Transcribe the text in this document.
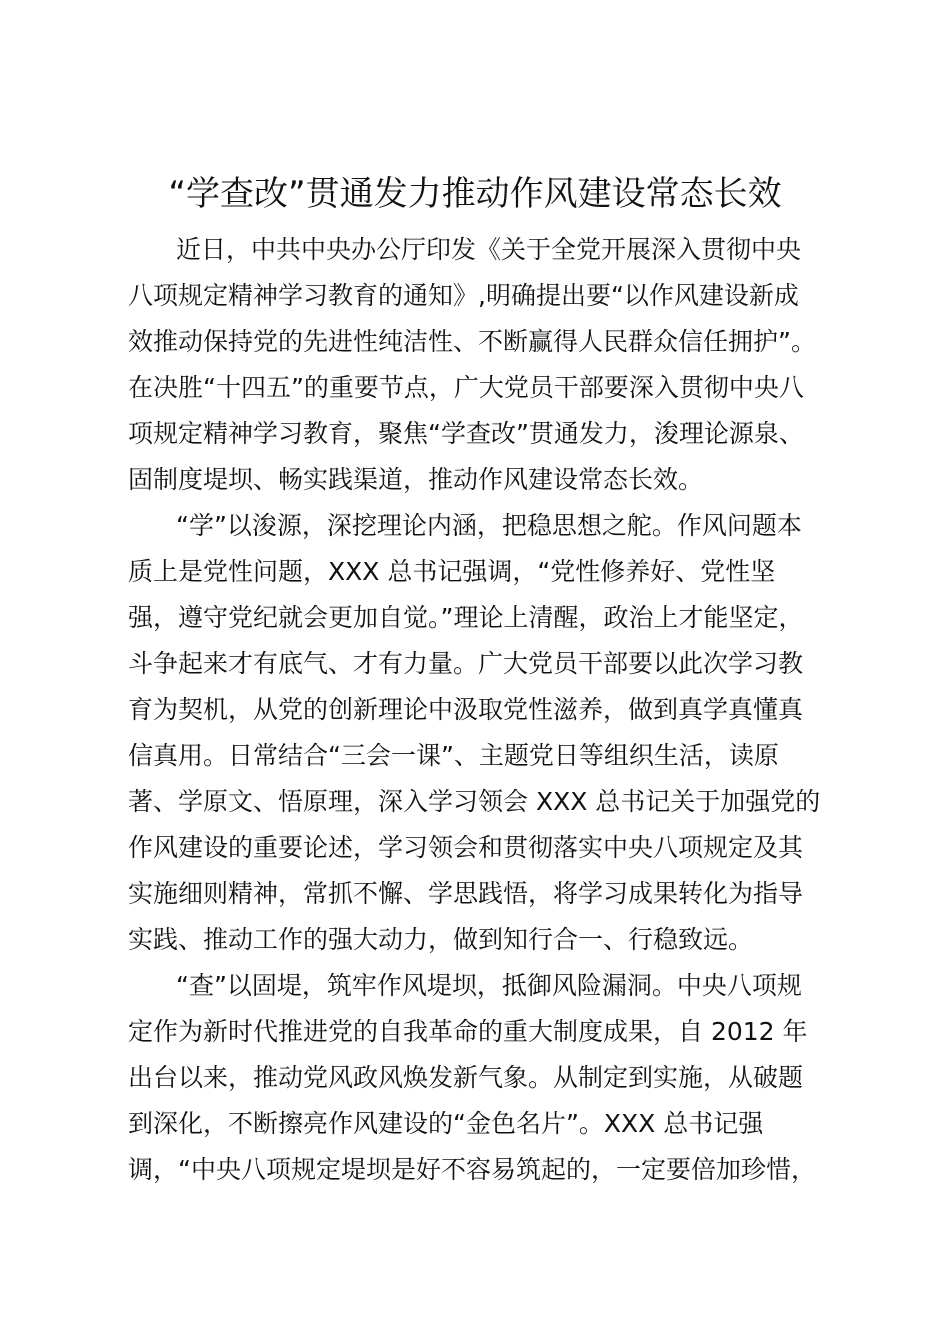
“学查改”贯通发力推动作风建设常态长效
近日，中共中央办公厅印发《关于全党开展深入贯彻中央
八项规定精神学习教育的通知》,明确提出要“以作风建设新成
效推动保持党的先进性纯洁性、不断赢得人民群众信任拥护”。
在决胜“十四五”的重要节点，广大党员干部要深入贯彻中央八
项规定精神学习教育，聚焦“学查改”贯通发力，浚理论源泉、
固制度堤坝、畅实践渠道，推动作风建设常态长效。
“学”以浚源，深挖理论内涵，把稳思想之舵。作风问题本
质上是党性问题，XXX 总书记强调，“党性修养好、党性坚
强，遵守党纪就会更加自觉。”理论上清醒，政治上才能坚定，
斗争起来才有底气、才有力量。广大党员干部要以此次学习教
育为契机，从党的创新理论中汲取党性滋养，做到真学真懂真
信真用。日常结合“三会一课”、主题党日等组织生活，读原
著、学原文、悟原理，深入学习领会 XXX 总书记关于加强党的
作风建设的重要论述，学习领会和贯彻落实中央八项规定及其
实施细则精神，常抓不懈、学思践悟，将学习成果转化为指导
实践、推动工作的强大动力，做到知行合一、行稳致远。
“查”以固堤，筑牢作风堤坝，抵御风险漏洞。中央八项规
定作为新时代推进党的自我革命的重大制度成果，自 2012 年
出台以来，推动党风政风焕发新气象。从制定到实施，从破题
到深化，不断擦亮作风建设的“金色名片”。XXX 总书记强
调，“中央八项规定堤坝是好不容易筑起的，一定要倍加珍惜，
